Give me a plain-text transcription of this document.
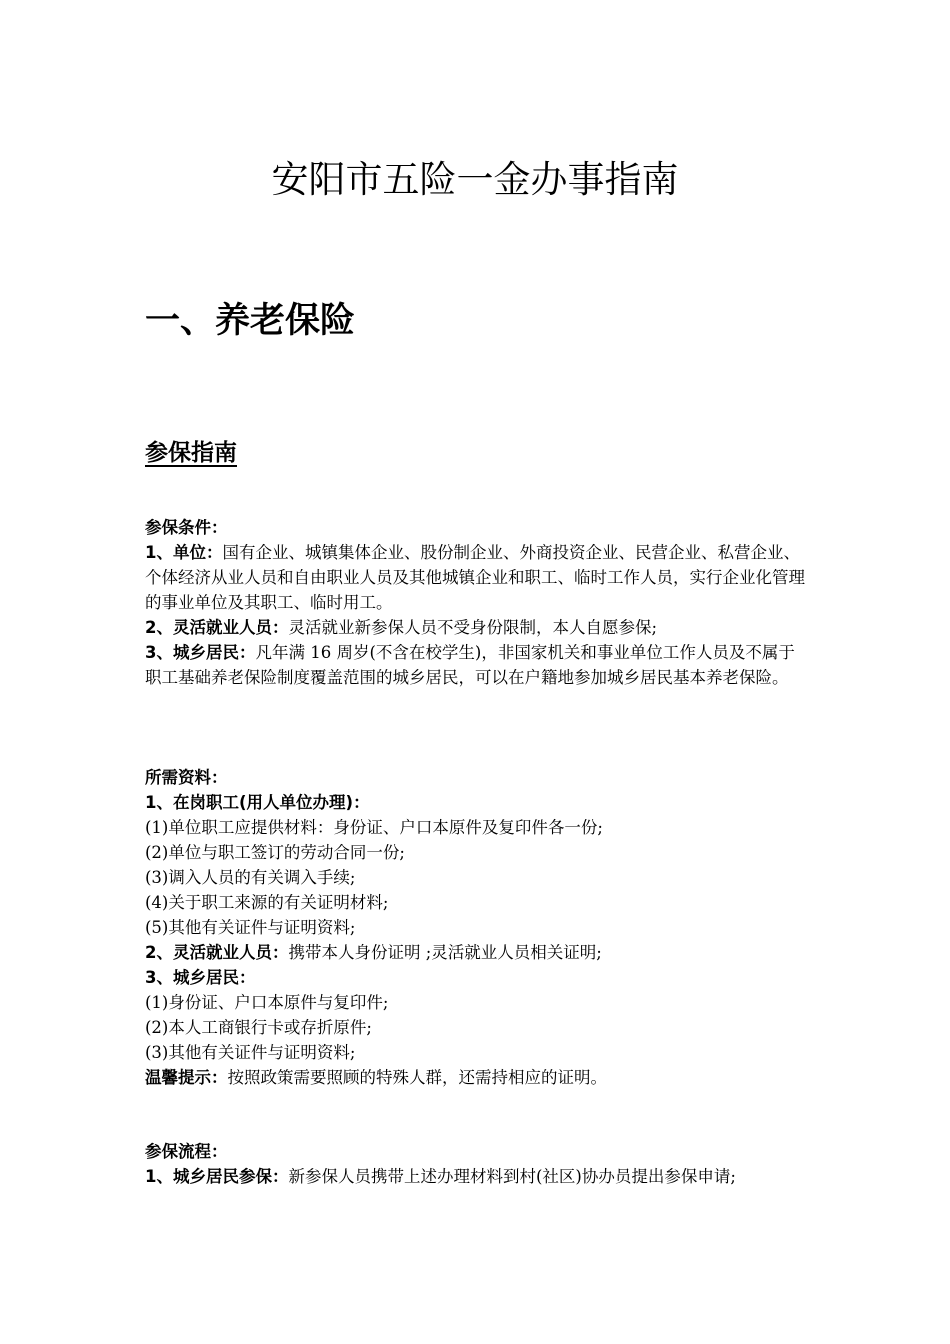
安阳市五险一金办事指南
一、养老保险
参保指南

参保条件：

1、单位：国有企业、城镇集体企业、股份制企业、外商投资企业、民营企业、私营企业、个体经济从业人员和自由职业人员及其他城镇企业和职工、临时工作人员，实行企业化管理的事业单位及其职工、临时用工。

2、灵活就业人员：灵活就业新参保人员不受身份限制，本人自愿参保;

3、城乡居民：凡年满 16 周岁(不含在校学生)，非国家机关和事业单位工作人员及不属于职工基础养老保险制度覆盖范围的城乡居民，可以在户籍地参加城乡居民基本养老保险。

所需资料：

1、在岗职工(用人单位办理)：

(1)单位职工应提供材料：身份证、户口本原件及复印件各一份;

(2)单位与职工签订的劳动合同一份;

(3)调入人员的有关调入手续;

(4)关于职工来源的有关证明材料;

(5)其他有关证件与证明资料;

2、灵活就业人员：携带本人身份证明 ;灵活就业人员相关证明;

3、城乡居民：

(1)身份证、户口本原件与复印件;

(2)本人工商银行卡或存折原件;

(3)其他有关证件与证明资料;

温馨提示：按照政策需要照顾的特殊人群，还需持相应的证明。

参保流程：

1、城乡居民参保：新参保人员携带上述办理材料到村(社区)协办员提出参保申请;
